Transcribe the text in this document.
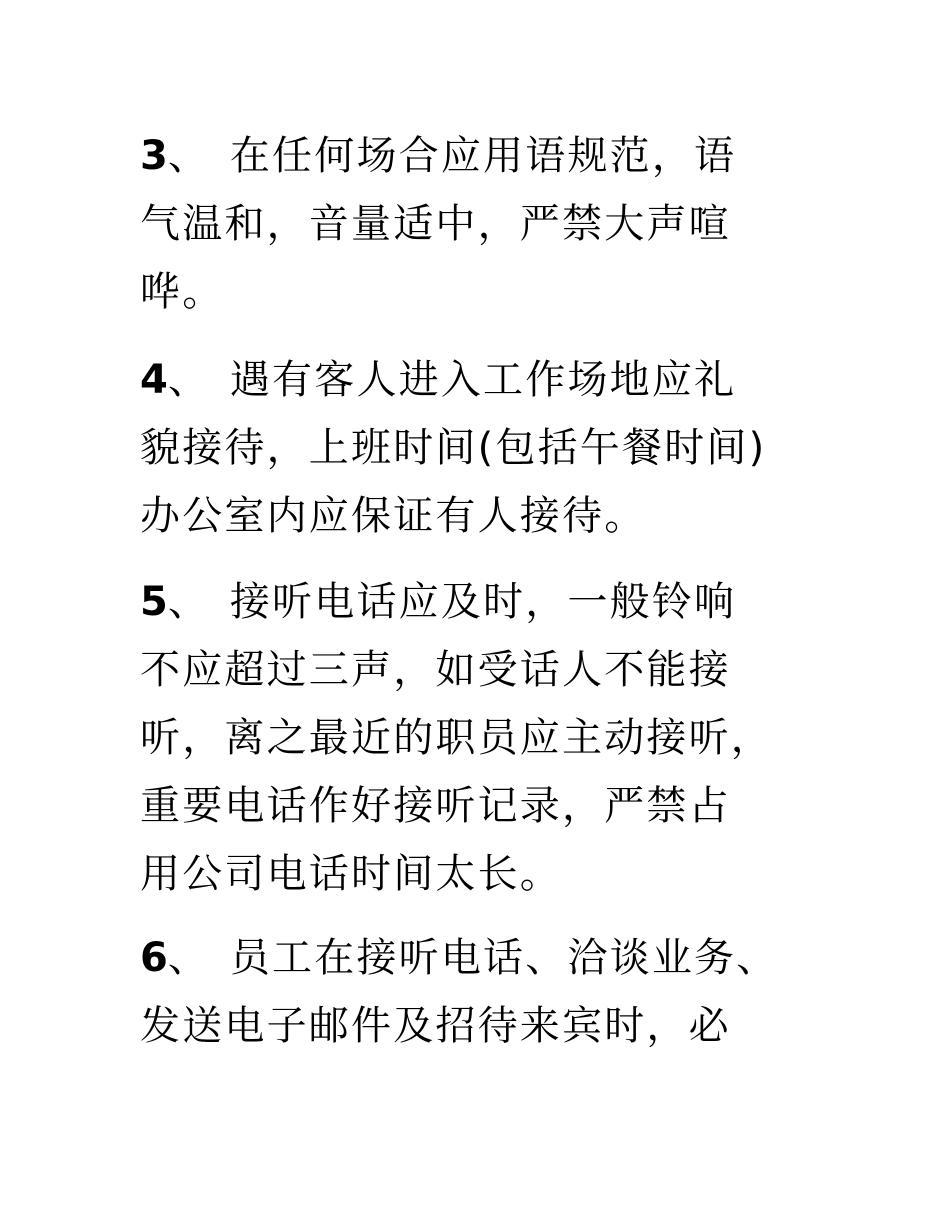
3、 在任何场合应用语规范，语
气温和，音量适中，严禁大声喧
哗。
4、 遇有客人进入工作场地应礼
貌接待，上班时间(包括午餐时间)
办公室内应保证有人接待。
5、 接听电话应及时，一般铃响
不应超过三声，如受话人不能接
听，离之最近的职员应主动接听，
重要电话作好接听记录，严禁占
用公司电话时间太长。
6、 员工在接听电话、洽谈业务、
发送电子邮件及招待来宾时，必
